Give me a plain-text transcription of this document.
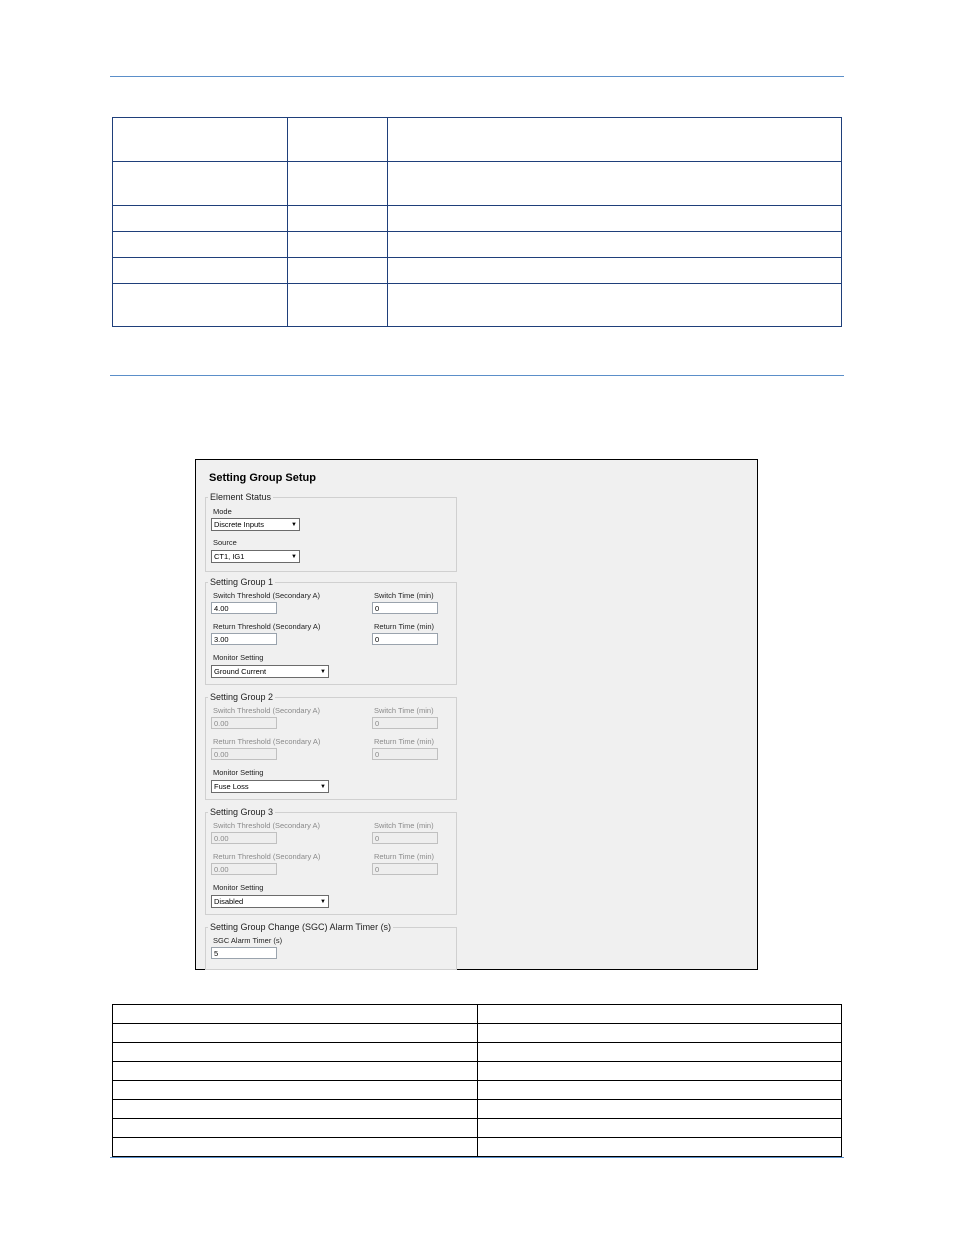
Setting Group Setup
Element Status
Mode
Discrete Inputs	▼
Source
CT1, IG1	▼
Setting Group 1
Switch Threshold (Secondary A)
4.00
Switch Time (min)
0
Return Threshold (Secondary A)
3.00
Return Time (min)
0
Monitor Setting
Ground Current	▼
Setting Group 2
Switch Threshold (Secondary A)
0.00
Switch Time (min)
0
Return Threshold (Secondary A)
0.00
Return Time (min)
0
Monitor Setting
Fuse Loss	▼
Setting Group 3
Switch Threshold (Secondary A)
0.00
Switch Time (min)
0
Return Threshold (Secondary A)
0.00
Return Time (min)
0
Monitor Setting
Disabled	▼
Setting Group Change (SGC) Alarm Timer (s)
SGC Alarm Timer (s)
5
